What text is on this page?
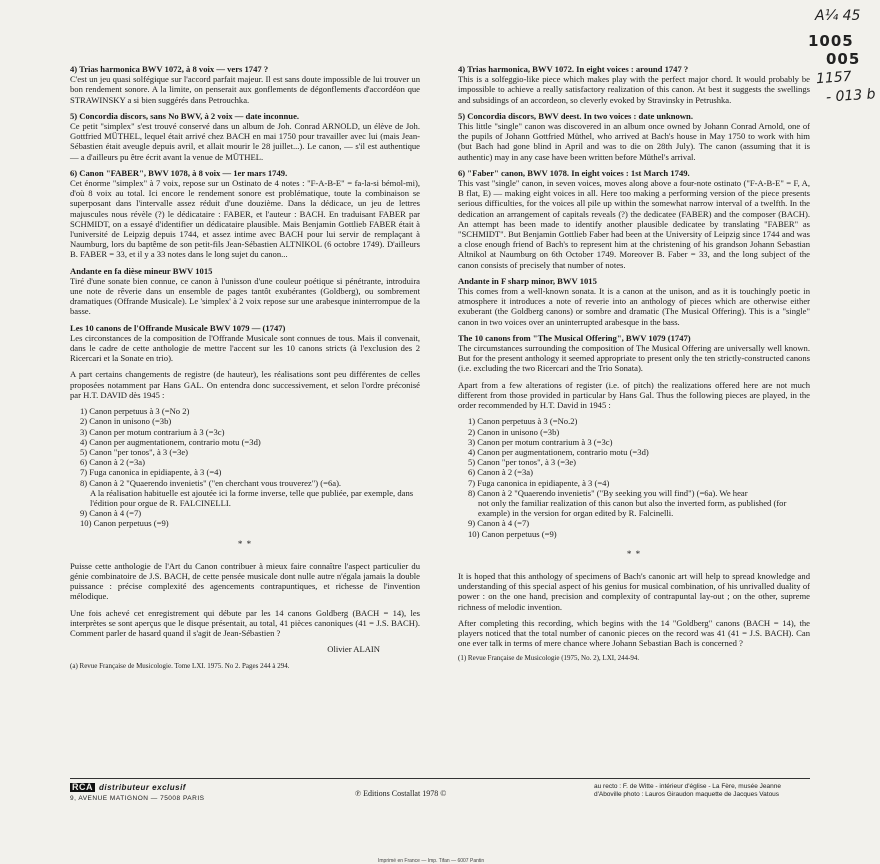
A¼ 45
1005
005
1157
- 013 b
4) Trias harmonica BWV 1072, à 8 voix — vers 1747 ?

C'est un jeu quasi solfégique sur l'accord parfait majeur. Il est sans doute impossible de lui trouver un bon rendement sonore. A la limite, on penserait aux gonflements de dégonflements d'accordéon que STRAWINSKY a si bien suggérés dans Petrouchka.

5) Concordia discors, sans No BWV, à 2 voix — date inconnue.

Ce petit "simplex" s'est trouvé conservé dans un album de Joh. Conrad ARNOLD, un élève de Joh. Gottfried MÜTHEL, lequel était arrivé chez BACH en mai 1750 pour travailler avec lui (mais Jean-Sébastien était aveugle depuis avril, et allait mourir le 28 juillet...). Le canon, — s'il est authentique — a d'ailleurs pu être écrit avant la venue de MÜTHEL.

6) Canon "FABER", BWV 1078, à 8 voix — 1er mars 1749.

Cet énorme "simplex" à 7 voix, repose sur un Ostinato de 4 notes : "F-A-B-E" = fa-la-si bémol-mi), d'où 8 voix au total. Ici encore le rendement sonore est problématique, toute la combinaison se superposant dans l'intervalle assez réduit d'une douzième. Dans la dédicace, un jeu de lettres majuscules nous révèle (?) le dédicataire : FABER, et l'auteur : BACH. En traduisant FABER par SCHMIDT, on a essayé d'identifier un dédicataire plausible. Mais Benjamin Gottlieb FABER était à l'université de Leipzig depuis 1744, et assez intime avec BACH pour lui servir de remplaçant à Naumburg, lors du baptême de son petit-fils Jean-Sébastien ALTNIKOL (6 octobre 1749). D'ailleurs B. FABER = 33, et il y a 33 notes dans le long sujet du canon...

Andante en fa dièse mineur BWV 1015

Tiré d'une sonate bien connue, ce canon à l'unisson d'une couleur poétique si pénétrante, introduira une note de rêverie dans un ensemble de pages tantôt exubérantes (Goldberg), ou sombrement dramatiques (Offrande Musicale). Le 'simplex' à 2 voix repose sur une arabesque ininterrompue de la basse.

Les 10 canons de l'Offrande Musicale BWV 1079 — (1747)

Les circonstances de la composition de l'Offrande Musicale sont connues de tous. Mais il convenait, dans le cadre de cette anthologie de mettre l'accent sur les 10 canons stricts (à l'exclusion des 2 Ricercari et la Sonate en trio).

A part certains changements de registre (de hauteur), les réalisations sont peu différentes de celles proposées notamment par Hans GAL. On entendra donc successivement, et selon l'ordre préconisé par H.T. DAVID dès 1945 :

1) Canon perpetuus à 3 (=No 2)
2) Canon in unisono (=3b)
3) Canon per motum contrarium à 3 (=3c)
4) Canon per augmentationem, contrario motu (=3d)
5) Canon "per tonos", à 3 (=3e)
6) Canon à 2 (=3a)
7) Fuga canonica in epidiapente, à 3 (=4)
8) Canon à 2 "Quaerendo invenietis" ("en cherchant vous trouverez") (=6a).
A la réalisation habituelle est ajoutée ici la forme inverse, telle que publiée, par exemple, dans l'édition pour orgue de R. FALCINELLI.
9) Canon à 4 (=7)
10) Canon perpetuus (=9)
* *

Puisse cette anthologie de l'Art du Canon contribuer à mieux faire connaître l'aspect particulier du génie combinatoire de J.S. BACH, de cette pensée musicale dont nulle autre n'égala jamais la double puissance : précise complexité des agencements contrapuntiques, et richesse de l'invention mélodique.

Une fois achevé cet enregistrement qui débute par les 14 canons Goldberg (BACH = 14), les interprètes se sont aperçus que le disque présentait, au total, 41 pièces canoniques (41 = J.S. BACH). Comment parler de hasard quand il s'agit de Jean-Sébastien ?

Olivier ALAIN
(a) Revue Française de Musicologie. Tome LXI. 1975. No 2. Pages 244 à 294.
4) Trias harmonica, BWV 1072. In eight voices : around 1747 ?

This is a solfeggio-like piece which makes play with the perfect major chord. It would probably be impossible to achieve a really satisfactory realization of this canon. At best it suggests the swellings and subsidings of an accordeon, so cleverly evoked by Stravinsky in Petrushka.

5) Concordia discors, BWV deest. In two voices : date unknown.

This little "single" canon was discovered in an album once owned by Johann Conrad Arnold, one of the pupils of Johann Gottfried Müthel, who arrived at Bach's house in May 1750 to work with him (but Bach had gone blind in April and was to die on 28th July). The canon (assuming that it is authentic) may in any case have been written before Müthel's arrival.

6) "Faber" canon, BWV 1078. In eight voices : 1st March 1749.

This vast "single" canon, in seven voices, moves along above a four-note ostinato ("F-A-B-E" = F, A, B flat, E) — making eight voices in all. Here too making a performing version of the piece presents serious difficulties, for the voices all pile up within the somewhat narrow interval of a twelfth. In the dedication an arrangement of capitals reveals (?) the dedicatee (FABER) and the composer (BACH). An attempt has been made to identify another plausible dedicatee by translating "FABER" as "SCHMIDT". But Benjamin Gottlieb Faber had been at the University of Leipzig since 1744 and was a close enough friend of Bach's to represent him at the christening of his grandson Johann Sebastian Altnikol at Naumburg on 6th October 1749. Moreover B. Faber = 33, and the long subject of the canon consists of precisely that number of notes.

Andante in F sharp minor, BWV 1015

This comes from a well-known sonata. It is a canon at the unison, and as it is touchingly poetic in atmosphere it introduces a note of reverie into an anthology of pieces which are otherwise either exuberant (the Goldberg canons) or sombre and dramatic (The Musical Offering). This is a "single" canon in two voices over an uninterrupted arabesque in the bass.

The 10 canons from "The Musical Offering", BWV 1079 (1747)

The circumstances surrounding the composition of The Musical Offering are universally well known. But for the present anthology it seemed appropriate to present only the ten strictly-constructed canons (i.e. excluding the two Ricercari and the Trio Sonata).

Apart from a few alterations of register (i.e. of pitch) the realizations offered here are not much different from those provided in particular by Hans Gal. Thus the following pieces are played, in the order recommended by H.T. David in 1945 :

1) Canon perpetuus à 3 (=No.2)
2) Canon in unisono (=3b)
3) Canon per motum contrarium à 3 (=3c)
4) Canon per augmentationem, contrario motu (=3d)
5) Canon "per tonos", à 3 (=3e)
6) Canon à 2 (=3a)
7) Fuga canonica in epidiapente, à 3 (=4)
8) Canon à 2 "Quaerendo invenietis" ("By seeking you will find") (=6a). We hear
not only the familiar realization of this canon but also the inverted form, as published (for example) in the version for organ edited by R. Falcinelli.
9) Canon à 4 (=7)
10) Canon perpetuus (=9)
* *

It is hoped that this anthology of specimens of Bach's canonic art will help to spread knowledge and understanding of this special aspect of his genius for musical combination, of his unrivalled duality of power : on the one hand, precision and complexity of contrapuntal lay-out ; on the other, supreme richness of melodic invention.

After completing this recording, which begins with the 14 "Goldberg" canons (BACH = 14), the players noticed that the total number of canonic pieces on the record was 41 (41 = J.S. BACH). Can one ever talk in terms of mere chance where Johann Sebastian Bach is concerned ?

(1) Revue Française de Musicologie (1975, No. 2), LXI, 244-94.
RCA distributeur exclusif
9, AVENUE MATIGNON — 75008 PARIS	℗ Editions Costallat 1978 ©
au recto : F. de Witte - intérieur d'église - La Fère, musée Jeanne d'Aboville photo : Lauros Giraudon maquette de Jacques Vatous
Imprimé en France — Imp. Tifan — 6007 Pantin
